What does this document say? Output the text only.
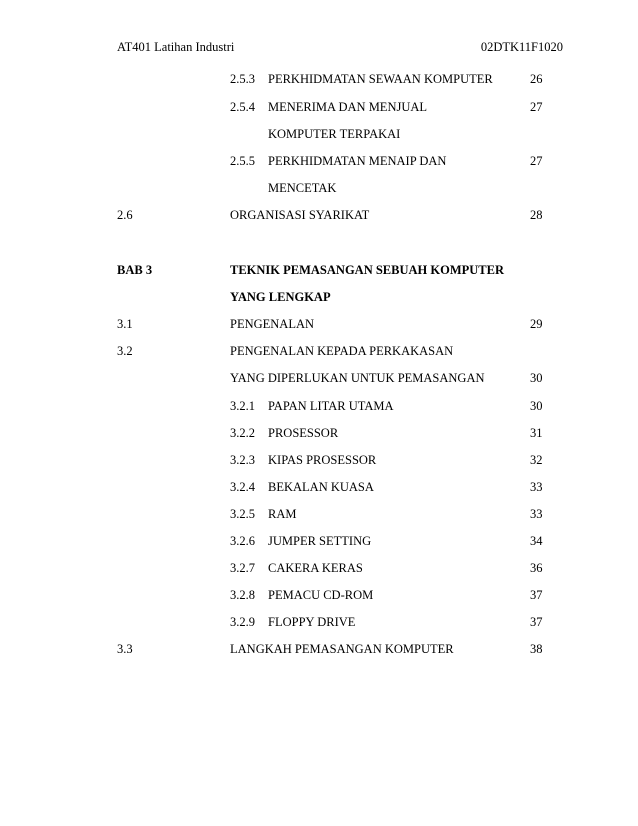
AT401 Latihan Industri	02DTK11F1020
2.5.3 PERKHIDMATAN SEWAAN KOMPUTER	26
2.5.4 MENERIMA DAN MENJUAL	27
KOMPUTER TERPAKAI
2.5.5 PERKHIDMATAN MENAIP DAN	27
MENCETAK
2.6	ORGANISASI SYARIKAT	28
BAB 3	TEKNIK PEMASANGAN SEBUAH KOMPUTER
YANG LENGKAP
3.1	PENGENALAN	29
3.2	PENGENALAN KEPADA PERKAKASAN
YANG DIPERLUKAN UNTUK PEMASANGAN	30
3.2.1 PAPAN LITAR UTAMA	30
3.2.2 PROSESSOR	31
3.2.3 KIPAS PROSESSOR	32
3.2.4 BEKALAN KUASA	33
3.2.5 RAM	33
3.2.6 JUMPER SETTING	34
3.2.7 CAKERA KERAS	36
3.2.8 PEMACU CD-ROM	37
3.2.9 FLOPPY DRIVE	37
3.3	LANGKAH PEMASANGAN KOMPUTER	38
